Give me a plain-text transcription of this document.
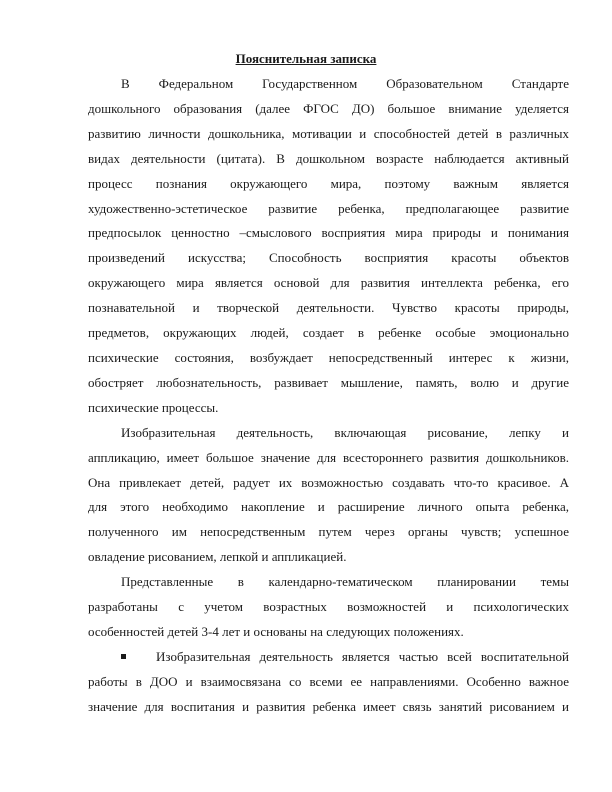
Пояснительная записка

В Федеральном Государственном Образовательном Стандарте
дошкольного образования (далее ФГОС ДО) большое внимание уделяется
развитию личности дошкольника, мотивации и способностей детей в различных
видах деятельности (цитата). В дошкольном возрасте наблюдается активный
процесс познания окружающего мира, поэтому важным является
художественно-эстетическое развитие ребенка, предполагающее развитие
предпосылок ценностно –смыслового восприятия мира природы и понимания
произведений искусства; Способность восприятия красоты объектов
окружающего мира является основой для развития интеллекта ребенка, его
познавательной и творческой деятельности. Чувство красоты природы,
предметов, окружающих людей, создает в ребенке особые эмоционально
психические состояния, возбуждает непосредственный интерес к жизни,
обостряет любознательность, развивает мышление, память, волю и другие
психические процессы.

Изобразительная деятельность, включающая рисование, лепку и
аппликацию, имеет большое значение для всестороннего развития дошкольников.
Она привлекает детей, радует их возможностью создавать что-то красивое. А
для этого необходимо накопление и расширение личного опыта ребенка,
полученного им непосредственным путем через органы чувств; успешное
овладение рисованием, лепкой и аппликацией.

Представленные в календарно-тематическом планировании темы
разработаны с учетом возрастных возможностей и психологических
особенностей детей 3-4 лет и основаны на следующих положениях.

Изобразительная деятельность является частью всей воспитательной
работы в ДОО и взаимосвязана со всеми ее направлениями. Особенно важное
значение для воспитания и развития ребенка имеет связь занятий рисованием и
